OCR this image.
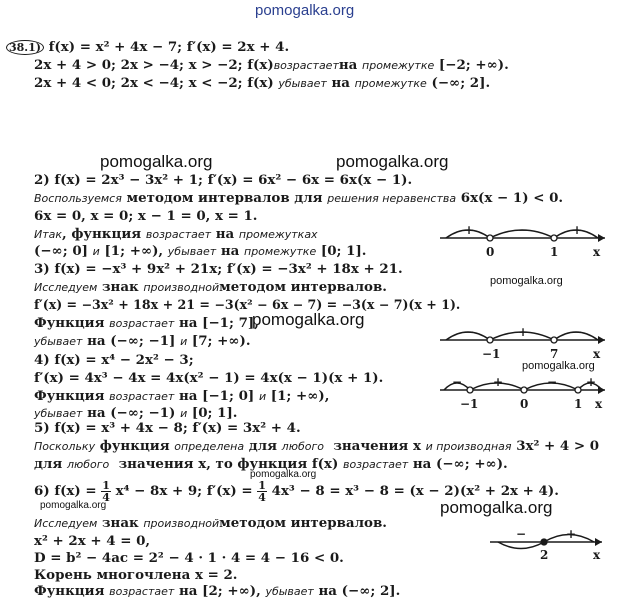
pomogalka.org
pomogalka.org	pomogalka.org
pomogalka.org
pomogalka.org
pomogalka.org
pomogalka.org
pomogalka.org	pomogalka.org
38.1) f(x) = x² + 4x − 7; f′(x) = 2x + 4.
2x + 4 > 0; 2x > −4; x > −2; f(x)возрастаетна промежутке [−2; +∞).
2x + 4 < 0; 2x < −4; x < −2; f(x) убывает на промежутке (−∞; 2].
2) f(x) = 2x³ − 3x² + 1; f′(x) = 6x² − 6x = 6x(x − 1).
Воспользуемся методом интервалов для решения неравенства 6x(x − 1) < 0.
6x = 0, x = 0; x − 1 = 0, x = 1.
Итак, функция возрастает на промежутках
(−∞; 0] и [1; +∞), убывает на промежутке [0; 1].
3) f(x) = −x³ + 9x² + 21x; f′(x) = −3x² + 18x + 21.
Исследуем знак производнойметодом интервалов.
f′(x) = −3x² + 18x + 21 = −3(x² − 6x − 7) = −3(x − 7)(x + 1).
Функция возрастает на [−1; 7],
убывает на (−∞; −1] и [7; +∞).
4) f(x) = x⁴ − 2x² − 3;
f′(x) = 4x³ − 4x = 4x(x² − 1) = 4x(x − 1)(x + 1).
Функция возрастает на [−1; 0] и [1; +∞),
убывает на (−∞; −1) и [0; 1].
5) f(x) = x³ + 4x − 8; f′(x) = 3x² + 4.
Поскольку функция определена для любого значения x и производная 3x² + 4 > 0
для любого значения x, то функция f(x) возрастает на (−∞; +∞).
6) $f(x) = \frac{1}{4} x^4 - 8x + 9$; $f'(x) = \frac{1}{4} 4x^3 - 8 = x^3 - 8 = (x - 2)(x^2 + 2x + 4)$.
Исследуем знак производнойметодом интервалов.
x² + 2x + 4 = 0,
D = b² − 4ac = 2² − 4 · 1 · 4 = 4 − 16 < 0.
Корень многочлена x = 2.
Функция возрастает на [2; +∞), убывает на (−∞; 2].
+	−	+
0	1	x
−	+	−
−1	7	x
−	+	− +
−1	0	1 x
−	+
2	x
